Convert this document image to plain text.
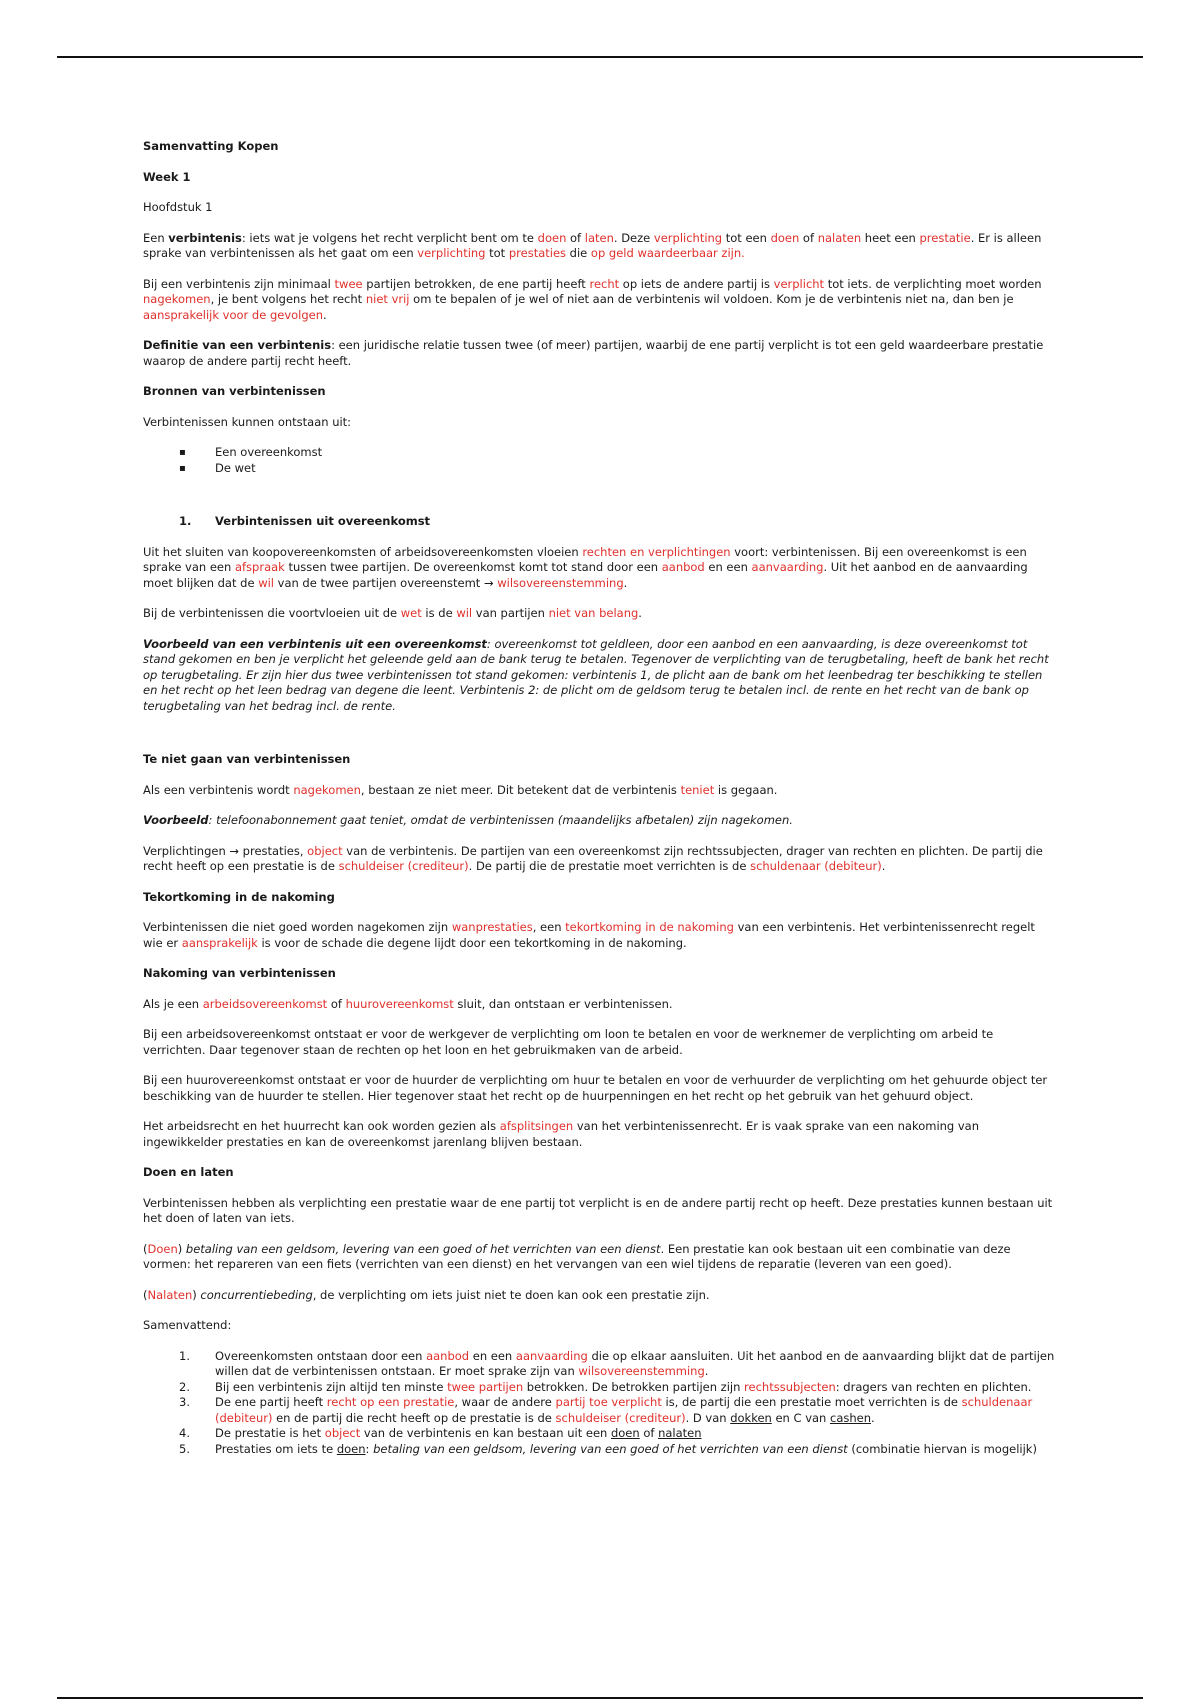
Samenvatting Kopen

Week 1

Hoofdstuk 1

Een verbintenis: iets wat je volgens het recht verplicht bent om te doen of laten. Deze verplichting tot een doen of nalaten heet een prestatie. Er is alleen sprake van verbintenissen als het gaat om een verplichting tot prestaties die op geld waardeerbaar zijn.

Bij een verbintenis zijn minimaal twee partijen betrokken, de ene partij heeft recht op iets de andere partij is verplicht tot iets. de verplichting moet worden nagekomen, je bent volgens het recht niet vrij om te bepalen of je wel of niet aan de verbintenis wil voldoen. Kom je de verbintenis niet na, dan ben je aansprakelijk voor de gevolgen.

Definitie van een verbintenis: een juridische relatie tussen twee (of meer) partijen, waarbij de ene partij verplicht is tot een geld waardeerbare prestatie waarop de andere partij recht heeft.

Bronnen van verbintenissen

Verbintenissen kunnen ontstaan uit:

▪ Een overeenkomst
▪ De wet

1. Verbintenissen uit overeenkomst

Uit het sluiten van koopovereenkomsten of arbeidsovereenkomsten vloeien rechten en verplichtingen voort: verbintenissen. Bij een overeenkomst is een sprake van een afspraak tussen twee partijen. De overeenkomst komt tot stand door een aanbod en een aanvaarding. Uit het aanbod en de aanvaarding moet blijken dat de wil van de twee partijen overeenstemt → wilsovereenstemming.

Bij de verbintenissen die voortvloeien uit de wet is de wil van partijen niet van belang.

Voorbeeld van een verbintenis uit een overeenkomst: overeenkomst tot geldleen, door een aanbod en een aanvaarding, is deze overeenkomst tot stand gekomen en ben je verplicht het geleende geld aan de bank terug te betalen. Tegenover de verplichting van de terugbetaling, heeft de bank het recht op terugbetaling. Er zijn hier dus twee verbintenissen tot stand gekomen: verbintenis 1, de plicht aan de bank om het leenbedrag ter beschikking te stellen en het recht op het leen bedrag van degene die leent. Verbintenis 2: de plicht om de geldsom terug te betalen incl. de rente en het recht van de bank op terugbetaling van het bedrag incl. de rente.

Te niet gaan van verbintenissen

Als een verbintenis wordt nagekomen, bestaan ze niet meer. Dit betekent dat de verbintenis teniet is gegaan.

Voorbeeld: telefoonabonnement gaat teniet, omdat de verbintenissen (maandelijks afbetalen) zijn nagekomen.

Verplichtingen → prestaties, object van de verbintenis. De partijen van een overeenkomst zijn rechtssubjecten, drager van rechten en plichten. De partij die recht heeft op een prestatie is de schuldeiser (crediteur). De partij die de prestatie moet verrichten is de schuldenaar (debiteur).

Tekortkoming in de nakoming

Verbintenissen die niet goed worden nagekomen zijn wanprestaties, een tekortkoming in de nakoming van een verbintenis. Het verbintenissenrecht regelt wie er aansprakelijk is voor de schade die degene lijdt door een tekortkoming in de nakoming.

Nakoming van verbintenissen

Als je een arbeidsovereenkomst of huurovereenkomst sluit, dan ontstaan er verbintenissen.

Bij een arbeidsovereenkomst ontstaat er voor de werkgever de verplichting om loon te betalen en voor de werknemer de verplichting om arbeid te verrichten. Daar tegenover staan de rechten op het loon en het gebruikmaken van de arbeid.

Bij een huurovereenkomst ontstaat er voor de huurder de verplichting om huur te betalen en voor de verhuurder de verplichting om het gehuurde object ter beschikking van de huurder te stellen. Hier tegenover staat het recht op de huurpenningen en het recht op het gebruik van het gehuurd object.

Het arbeidsrecht en het huurrecht kan ook worden gezien als afsplitsingen van het verbintenissenrecht. Er is vaak sprake van een nakoming van ingewikkelder prestaties en kan de overeenkomst jarenlang blijven bestaan.

Doen en laten

Verbintenissen hebben als verplichting een prestatie waar de ene partij tot verplicht is en de andere partij recht op heeft. Deze prestaties kunnen bestaan uit het doen of laten van iets.

(Doen) betaling van een geldsom, levering van een goed of het verrichten van een dienst. Een prestatie kan ook bestaan uit een combinatie van deze vormen: het repareren van een fiets (verrichten van een dienst) en het vervangen van een wiel tijdens de reparatie (leveren van een goed).

(Nalaten) concurrentiebeding, de verplichting om iets juist niet te doen kan ook een prestatie zijn.

Samenvattend:

1. Overeenkomsten ontstaan door een aanbod en een aanvaarding die op elkaar aansluiten. Uit het aanbod en de aanvaarding blijkt dat de partijen willen dat de verbintenissen ontstaan. Er moet sprake zijn van wilsovereenstemming.
2. Bij een verbintenis zijn altijd ten minste twee partijen betrokken. De betrokken partijen zijn rechtssubjecten: dragers van rechten en plichten.
3. De ene partij heeft recht op een prestatie, waar de andere partij toe verplicht is, de partij die een prestatie moet verrichten is de schuldenaar (debiteur) en de partij die recht heeft op de prestatie is de schuldeiser (crediteur). D van dokken en C van cashen.
4. De prestatie is het object van de verbintenis en kan bestaan uit een doen of nalaten
5. Prestaties om iets te doen: betaling van een geldsom, levering van een goed of het verrichten van een dienst (combinatie hiervan is mogelijk)
